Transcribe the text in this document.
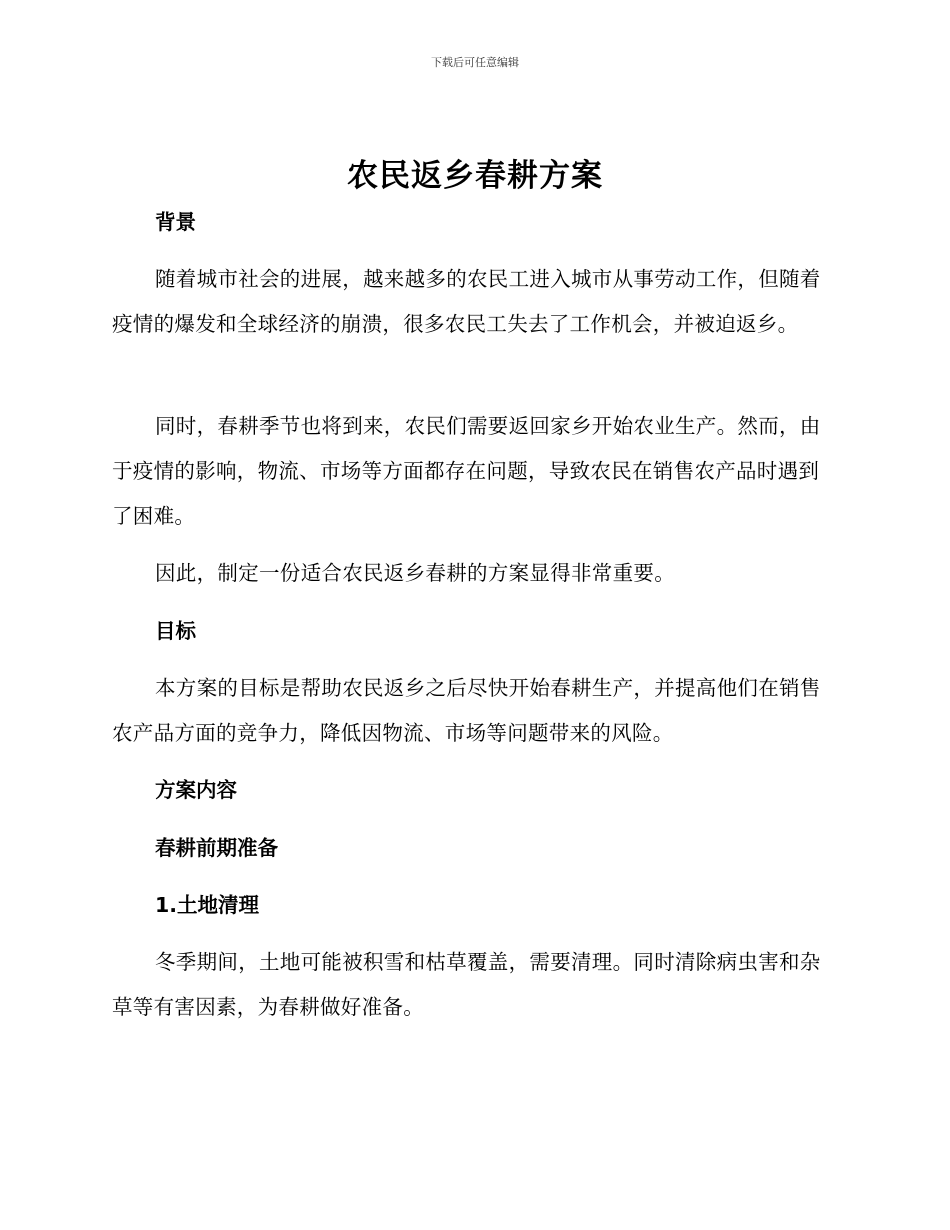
下载后可任意编辑
农民返乡春耕方案
背景

随着城市社会的进展，越来越多的农民工进入城市从事劳动工作，但随着疫情的爆发和全球经济的崩溃，很多农民工失去了工作机会，并被迫返乡。

同时，春耕季节也将到来，农民们需要返回家乡开始农业生产。然而，由于疫情的影响，物流、市场等方面都存在问题，导致农民在销售农产品时遇到了困难。

因此，制定一份适合农民返乡春耕的方案显得非常重要。

目标

本方案的目标是帮助农民返乡之后尽快开始春耕生产，并提高他们在销售农产品方面的竞争力，降低因物流、市场等问题带来的风险。

方案内容
春耕前期准备
1.土地清理

冬季期间，土地可能被积雪和枯草覆盖，需要清理。同时清除病虫害和杂草等有害因素，为春耕做好准备。
